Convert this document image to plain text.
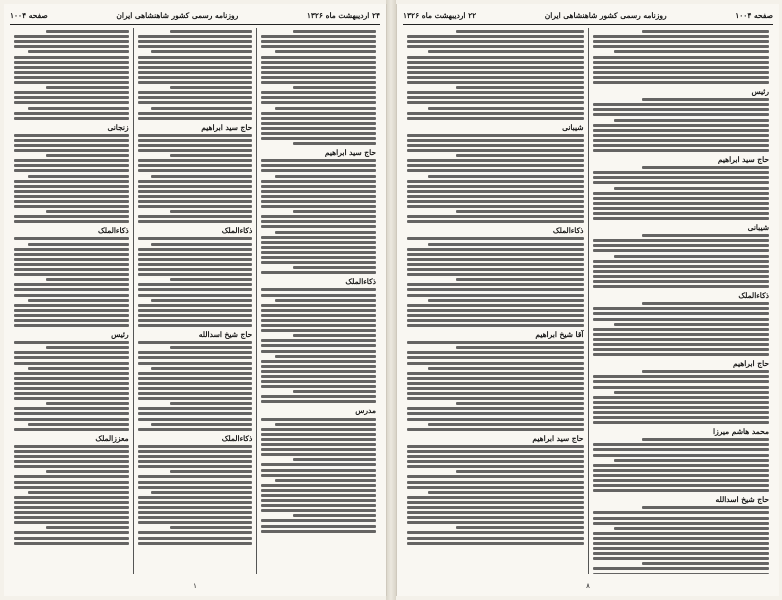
۲۴ اردیبهشت ماه ۱۳۲۶
روزنامه رسمی کشور شاهنشاهی ایران
صفحه ۱۰۰۴
حاج سید ابراهیم
ذکاءالملک
مدرس
حاج سید ابراهیم
ذکاءالملک
حاج شیخ اسدالله
ذکاءالملک
زنجانی
ذکاءالملک
رئیس
معززالملک
۱
صفحه ۱۰۰۴
روزنامه رسمی کشور شاهنشاهی ایران
۲۲ اردیبهشت ماه ۱۳۲۶
رئیس
حاج سید ابراهیم
شیبانی
ذکاءالملک
حاج ابراهیم
محمد هاشم میرزا
حاج شیخ اسدالله
شیبانی
ذکاءالملک
آقا شیخ ابراهیم
حاج سید ابراهیم
۸
